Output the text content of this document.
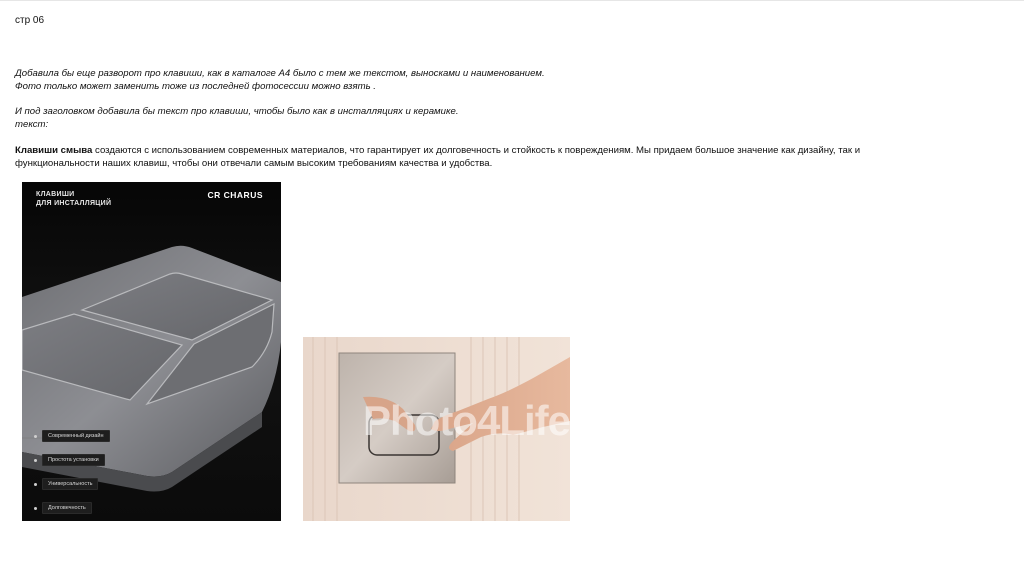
стр 06
Добавила бы еще разворот про клавиши, как в каталоге А4 было с тем же текстом, выносками и наименованием.
Фото только может заменить тоже из последней фотосессии можно взять .
И под заголовком добавила бы текст про клавиши, чтобы было как в инсталляциях и керамике.
текст:
Клавиши смыва создаются с использованием современных материалов, что гарантирует их долговечность и стойкость к повреждениям. Мы придаем большое значение как дизайну, так и
функциональности наших клавиш, чтобы они отвечали самым высоким требованиям качества и удобства.
КЛАВИШИ
ДЛЯ ИНСТАЛЛЯЦИЙ
CR CHARUS
Современный дизайн
Простота установки
Универсальность
Долговечность
Photo4Life
